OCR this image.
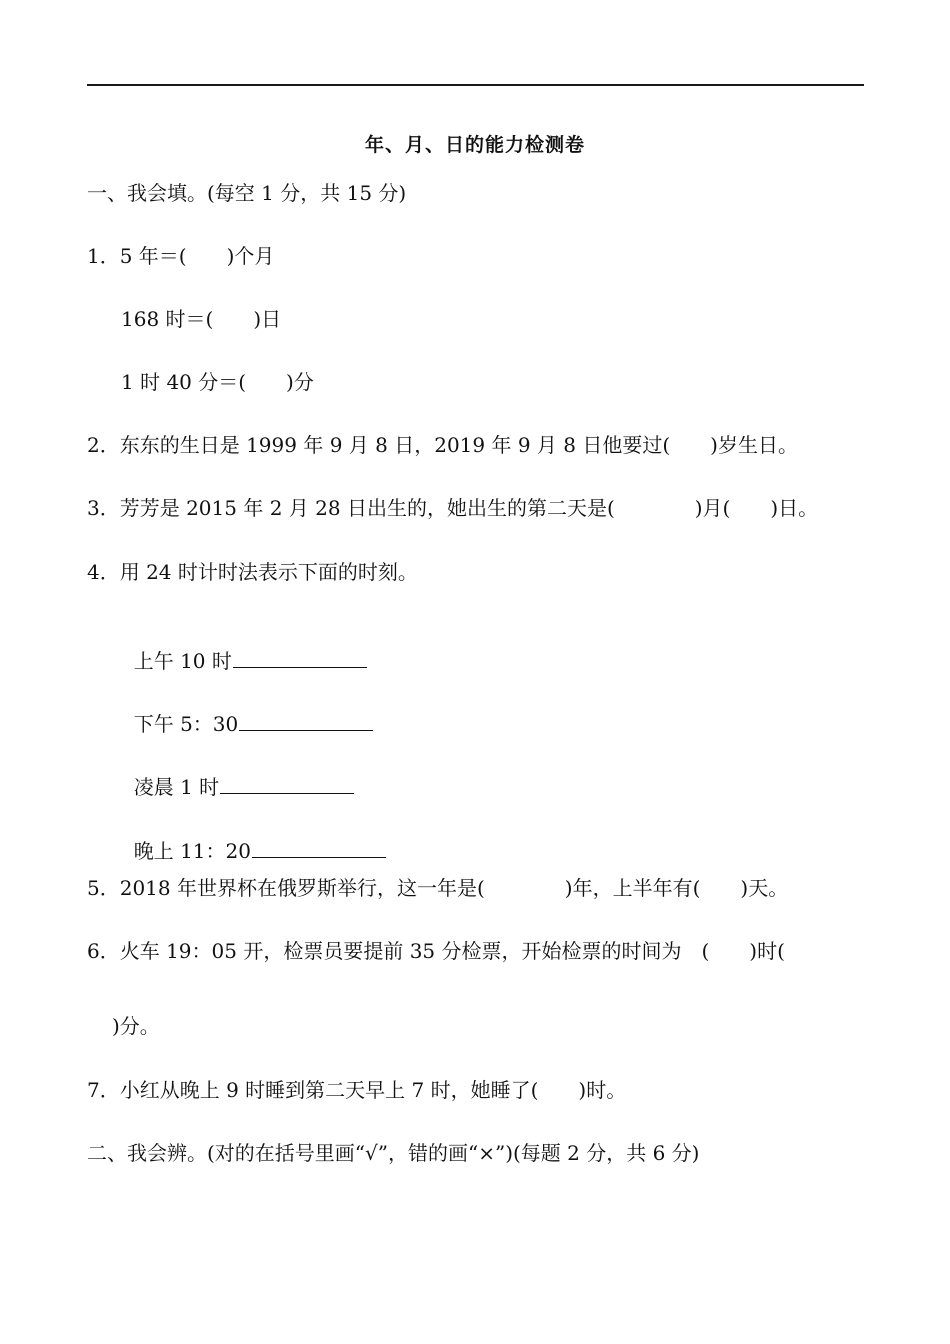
年、月、日的能力检测卷
一、我会填。(每空 1 分，共 15 分)
1．5 年＝(　　)个月
168 时＝(　　)日
1 时 40 分＝(　　)分
2．东东的生日是 1999 年 9 月 8 日，2019 年 9 月 8 日他要过(　　)岁生日。
3．芳芳是 2015 年 2 月 28 日出生的，她出生的第二天是(　　　　)月(　　)日。
4．用 24 时计时法表示下面的时刻。

上午 10 时

下午 5：30

凌晨 1 时

晚上 11：20

5．2018 年世界杯在俄罗斯举行，这一年是(　　　　)年，上半年有(　　)天。
6．火车 19：05 开，检票员要提前 35 分检票，开始检票的时间为　(　　)时(
)分。
7．小红从晚上 9 时睡到第二天早上 7 时，她睡了(　　)时。
二、我会辨。(对的在括号里画“√”，错的画“×”)(每题 2 分，共 6 分)
